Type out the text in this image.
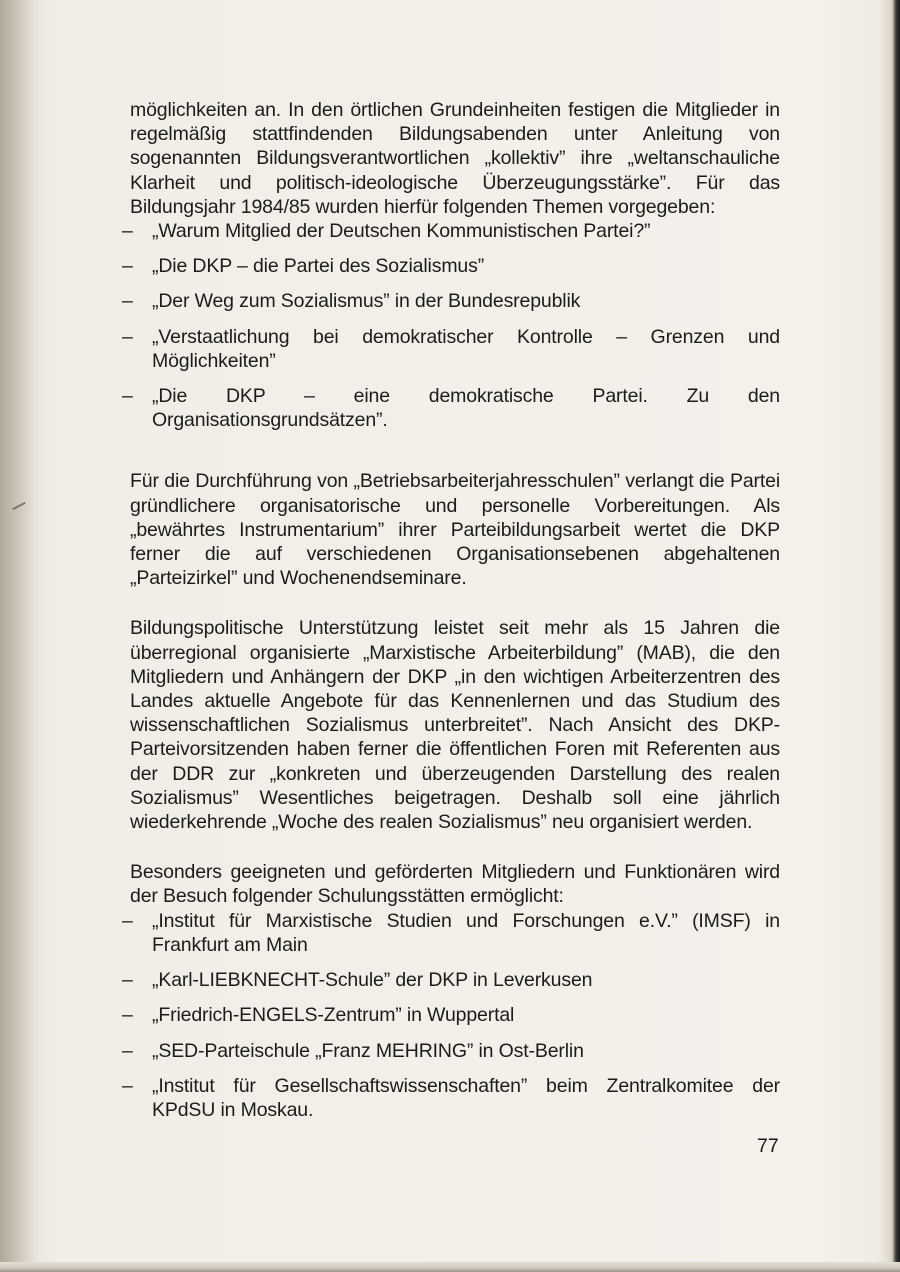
möglichkeiten an. In den örtlichen Grundeinheiten festigen die Mitglieder in regelmäßig stattfindenden Bildungsabenden unter Anleitung von sogenannten Bildungsverantwortlichen „kollektiv” ihre „weltanschauliche Klarheit und politisch-ideologische Überzeugungsstärke”. Für das Bildungsjahr 1984/85 wurden hierfür folgenden Themen vorgegeben:

– „Warum Mitglied der Deutschen Kommunistischen Partei?”
– „Die DKP – die Partei des Sozialismus”
– „Der Weg zum Sozialismus” in der Bundesrepublik
– „Verstaatlichung bei demokratischer Kontrolle – Grenzen und Möglichkeiten”
– „Die DKP – eine demokratische Partei. Zu den Organisationsgrundsätzen”.

Für die Durchführung von „Betriebsarbeiterjahresschulen” verlangt die Partei gründlichere organisatorische und personelle Vorbereitungen. Als „bewährtes Instrumentarium” ihrer Parteibildungsarbeit wertet die DKP ferner die auf verschiedenen Organisationsebenen abgehaltenen „Parteizirkel” und Wochenendseminare.

Bildungspolitische Unterstützung leistet seit mehr als 15 Jahren die überregional organisierte „Marxistische Arbeiterbildung” (MAB), die den Mitgliedern und Anhängern der DKP „in den wichtigen Arbeiterzentren des Landes aktuelle Angebote für das Kennenlernen und das Studium des wissenschaftlichen Sozialismus unterbreitet”. Nach Ansicht des DKP-Parteivorsitzenden haben ferner die öffentlichen Foren mit Referenten aus der DDR zur „konkreten und überzeugenden Darstellung des realen Sozialismus” Wesentliches beigetragen. Deshalb soll eine jährlich wiederkehrende „Woche des realen Sozialismus” neu organisiert werden.

Besonders geeigneten und geförderten Mitgliedern und Funktionären wird der Besuch folgender Schulungsstätten ermöglicht:

– „Institut für Marxistische Studien und Forschungen e.V.” (IMSF) in Frankfurt am Main
– „Karl-LIEBKNECHT-Schule” der DKP in Leverkusen
– „Friedrich-ENGELS-Zentrum” in Wuppertal
– „SED-Parteischule „Franz MEHRING” in Ost-Berlin
– „Institut für Gesellschaftswissenschaften” beim Zentralkomitee der KPdSU in Moskau.
77
